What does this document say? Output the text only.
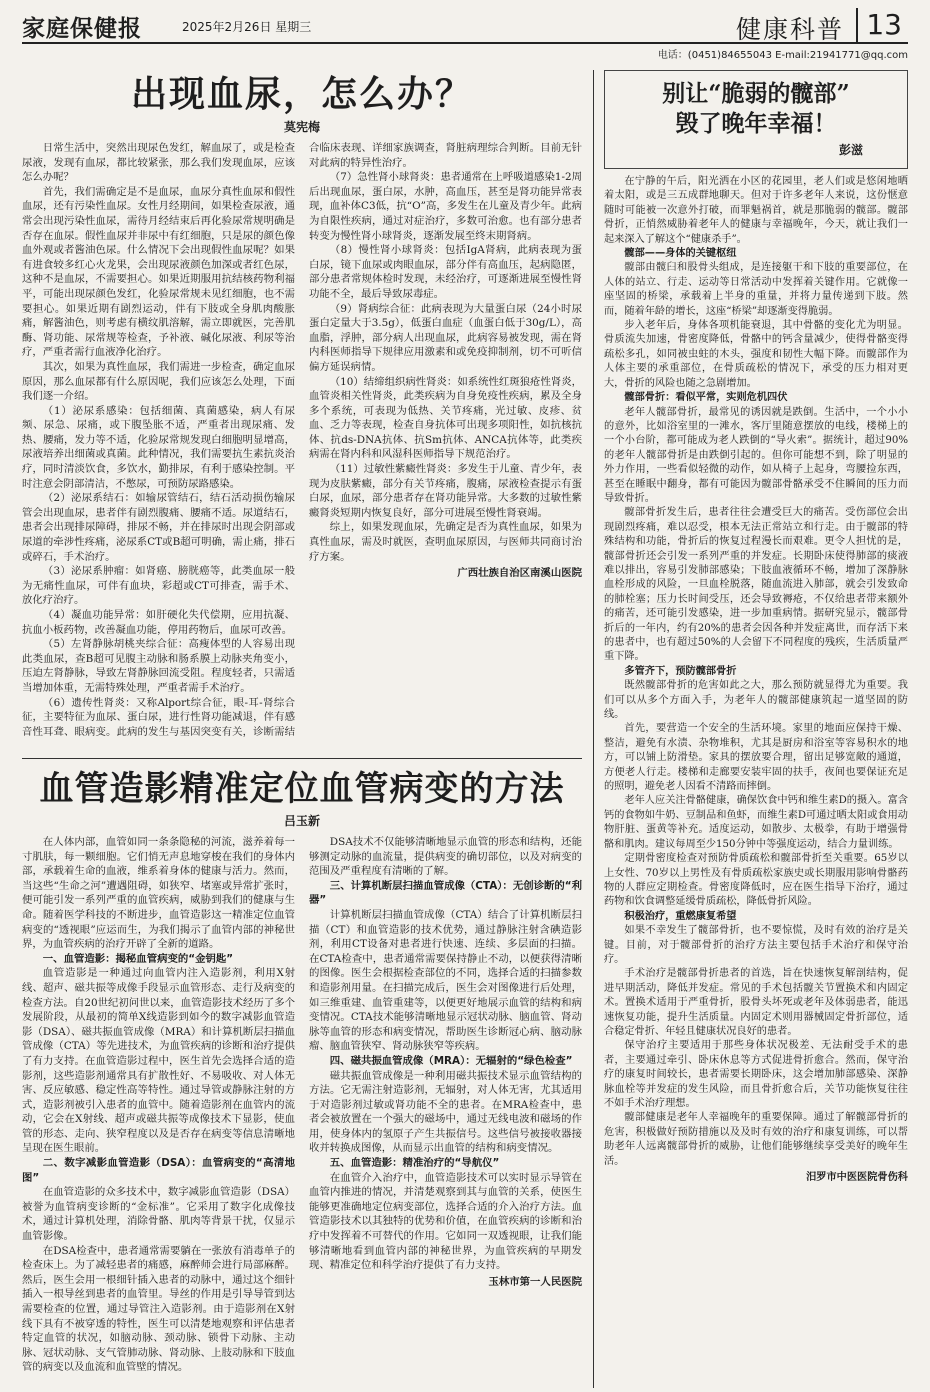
家庭保健报	2025年2月26日 星期三	健康科普 13
电话：(0451)84655043 E-mail:21941771@qq.com
出现血尿，怎么办？
莫宪梅

日常生活中，突然出现尿色发红，解血尿了，或是检查尿液，发现有血尿，都比较紧张，那么我们发现血尿，应该怎么办呢？

首先，我们需确定是不是血尿，血尿分真性血尿和假性血尿，还有污染性血尿。女性月经期间，如果检查尿液，通常会出现污染性血尿，需待月经结束后再化验尿常规明确是否存在血尿。假性血尿并非尿中有红细胞，只是尿的颜色像血外观或者酱油色尿。什么情况下会出现假性血尿呢？如果有进食较多红心火龙果，会出现尿液颜色加深或者红色尿，这种不是血尿，不需要担心。如果近期服用抗结核药物利福平，可能出现尿颜色发红，化验尿常规未见红细胞，也不需要担心。如果近期有剧烈运动，伴有下肢或全身肌肉酸胀痛，解酱油色，则考虑有横纹肌溶解，需立即就医，完善肌酶、肾功能、尿常规等检查，予补液、碱化尿液、利尿等治疗，严重者需行血液净化治疗。

其次，如果为真性血尿，我们需进一步检查，确定血尿原因，那么血尿都有什么原因呢，我们应该怎么处理，下面我们逐一介绍。

（1）泌尿系感染：包括细菌、真菌感染，病人有尿频、尿急、尿痛，或下腹坠胀不适，严重者出现尿痛、发热、腰痛，发力等不适，化验尿常规发现白细胞明显增高，尿液培养出细菌或真菌。此种情况，我们需要抗生素抗炎治疗，同时清淡饮食，多饮水，勤排尿，有利于感染控制。平时注意会阴部清洁，不憋尿，可预防尿路感染。

（2）泌尿系结石：如输尿管结石，结石活动损伤输尿管会出现血尿，患者伴有剧烈腹痛、腰痛不适。尿道结石，患者会出现排尿障碍，排尿不畅，并在排尿时出现会阴部或尿道的牵涉性疼痛，泌尿系CT或B超可明确，需止痛，排石或碎石，手术治疗。

（3）泌尿系肿瘤：如肾癌、膀胱癌等，此类血尿一般为无痛性血尿，可伴有血块，彩超或CT可排查，需手术、放化疗治疗。

（4）凝血功能异常：如肝硬化失代偿期，应用抗凝、抗血小板药物，改善凝血功能，停用药物后，血尿可改善。

（5）左肾静脉胡桃夹综合征：高瘦体型的人容易出现此类血尿，查B超可见腹主动脉和肠系膜上动脉夹角变小，压迫左肾静脉，导致左肾静脉回流受阻。程度轻者，只需适当增加体重，无需特殊处理，严重者需手术治疗。

（6）遗传性肾炎：又称Alport综合征，眼-耳-肾综合征，主要特征为血尿、蛋白尿，进行性肾功能减退，伴有感音性耳聋、眼病变。此病的发生与基因突变有关，诊断需结合临床表现、详细家族调查，肾脏病理综合判断。目前无针对此病的特异性治疗。

（7）急性肾小球肾炎：患者通常在上呼吸道感染1-2周后出现血尿，蛋白尿，水肿，高血压，甚至是肾功能异常表现，血补体C3低，抗“O”高，多发生在儿童及青少年。此病为自限性疾病，通过对症治疗，多数可治愈。也有部分患者转变为慢性肾小球肾炎，逐渐发展至终末期肾病。

（8）慢性肾小球肾炎：包括IgA肾病，此病表现为蛋白尿，镜下血尿或肉眼血尿，部分伴有高血压，起病隐匿，部分患者常规体检时发现，未经治疗，可逐渐进展至慢性肾功能不全，最后导致尿毒症。

（9）肾病综合征：此病表现为大量蛋白尿（24小时尿蛋白定量大于3.5g），低蛋白血症（血蛋白低于30g/L），高血脂，浮肿，部分病人出现血尿，此病容易被发现，需在肾内科医师指导下规律应用激素和或免疫抑制剂，切不可听信偏方延误病情。

（10）结缔组织病性肾炎：如系统性红斑狼疮性肾炎，血管炎相关性肾炎，此类疾病为自身免疫性疾病，累及全身多个系统，可表现为低热、关节疼痛，光过敏、皮疹、贫血、乏力等表现，检查自身抗体可出现多项阳性，如抗核抗体、抗ds-DNA抗体、抗Sm抗体、ANCA抗体等，此类疾病需在肾内科和风湿科医师指导下规范治疗。

（11）过敏性紫癜性肾炎：多发生于儿童、青少年，表现为皮肤紫癜，部分有关节疼痛，腹痛，尿液检查提示有蛋白尿，血尿，部分患者存在肾功能异常。大多数的过敏性紫癜肾炎短期内恢复良好，部分可进展至慢性肾衰竭。

综上，如果发现血尿，先确定是否为真性血尿，如果为真性血尿，需及时就医，查明血尿原因，与医师共同商讨治疗方案。

广西壮族自治区南溪山医院

血管造影精准定位血管病变的方法
吕玉新

在人体内部，血管如同一条条隐秘的河流，滋养着每一寸肌肤，每一颗细胞。它们悄无声息地穿梭在我们的身体内部，承载着生命的血液，维系着身体的健康与活力。然而，当这些“生命之河”遭遇阻碍，如狭窄、堵塞或异常扩张时，便可能引发一系列严重的血管疾病，威胁到我们的健康与生命。随着医学科技的不断进步，血管造影这一精准定位血管病变的“透视眼”应运而生，为我们揭示了血管内部的神秘世界，为血管疾病的治疗开辟了全新的道路。

一、血管造影：揭秘血管病变的“金钥匙”

血管造影是一种通过向血管内注入造影剂，利用X射线、超声、磁共振等成像手段显示血管形态、走行及病变的检查方法。自20世纪初问世以来，血管造影技术经历了多个发展阶段，从最初的简单X线造影到如今的数字减影血管造影（DSA）、磁共振血管成像（MRA）和计算机断层扫描血管成像（CTA）等先进技术，为血管疾病的诊断和治疗提供了有力支持。在血管造影过程中，医生首先会选择合适的造影剂，这些造影剂通常具有扩散性好、不易吸收、对人体无害、反应敏感、稳定性高等特性。通过导管或静脉注射的方式，造影剂被引入患者的血管中。随着造影剂在血管内的流动，它会在X射线、超声或磁共振等成像技术下显影，使血管的形态、走向、狭窄程度以及是否存在病变等信息清晰地呈现在医生眼前。

二、数字减影血管造影（DSA）：血管病变的“高清地图”

在血管造影的众多技术中，数字减影血管造影（DSA）被誉为血管病变诊断的“金标准”。它采用了数字化成像技术，通过计算机处理，消除骨骼、肌肉等背景干扰，仅显示血管影像。

在DSA检查中，患者通常需要躺在一张放有消毒单子的检查床上。为了减轻患者的痛感，麻醉师会进行局部麻醉。然后，医生会用一根细针插入患者的动脉中，通过这个细针插入一根导丝到患者的血管里。导丝的作用是引导导管到达需要检查的位置，通过导管注入造影剂。由于造影剂在X射线下具有不被穿透的特性，医生可以清楚地观察和评估患者特定血管的状况，如脑动脉、颈动脉、锁骨下动脉、主动脉、冠状动脉、支气管肺动脉、肾动脉、上肢动脉和下肢血管的病变以及血流和血管壁的情况。

DSA技术不仅能够清晰地显示血管的形态和结构，还能够测定动脉的血流量，提供病变的确切部位，以及对病变的范围及严重程度有清晰的了解。

三、计算机断层扫描血管成像（CTA）：无创诊断的“利器”

计算机断层扫描血管成像（CTA）结合了计算机断层扫描（CT）和血管造影的技术优势，通过静脉注射含碘造影剂，利用CT设备对患者进行快速、连续、多层面的扫描。在CTA检查中，患者通常需要保持静止不动，以便获得清晰的图像。医生会根据检查部位的不同，选择合适的扫描参数和造影剂用量。在扫描完成后，医生会对图像进行后处理，如三维重建、血管重建等，以便更好地展示血管的结构和病变情况。CTA技术能够清晰地显示冠状动脉、脑血管、肾动脉等血管的形态和病变情况，帮助医生诊断冠心病、脑动脉瘤、脑血管狭窄、肾动脉狭窄等疾病。

四、磁共振血管成像（MRA）：无辐射的“绿色检查”

磁共振血管成像是一种利用磁共振技术显示血管结构的方法。它无需注射造影剂，无辐射，对人体无害，尤其适用于对造影剂过敏或肾功能不全的患者。在MRA检查中，患者会被放置在一个强大的磁场中，通过无线电波和磁场的作用，使身体内的氢原子产生共振信号。这些信号被接收器接收并转换成图像，从而显示出血管的结构和病变情况。

五、血管造影：精准治疗的“导航仪”

在血管介入治疗中，血管造影技术可以实时显示导管在血管内推进的情况，并清楚观察到其与血管的关系，使医生能够更准确地定位病变部位，选择合适的介入治疗方法。血管造影技术以其独特的优势和价值，在血管疾病的诊断和治疗中发挥着不可替代的作用。它如同一双透视眼，让我们能够清晰地看到血管内部的神秘世界，为血管疾病的早期发现、精准定位和科学治疗提供了有力支持。

玉林市第一人民医院

别让“脆弱的髋部”
毁了晚年幸福！
彭滋

在宁静的午后，阳光洒在小区的花园里，老人们或是悠闲地晒着太阳，或是三五成群地聊天。但对于许多老年人来说，这份惬意随时可能被一次意外打破，而罪魁祸首，就是那脆弱的髋部。髋部骨折，正悄然威胁着老年人的健康与幸福晚年，今天，就让我们一起来深入了解这个“健康杀手”。

髋部——身体的关键枢纽

髋部由髋臼和股骨头组成，是连接躯干和下肢的重要部位，在人体的站立、行走、运动等日常活动中发挥着关键作用。它就像一座坚固的桥梁，承载着上半身的重量，并将力量传递到下肢。然而，随着年龄的增长，这座“桥梁”却逐渐变得脆弱。

步入老年后，身体各项机能衰退，其中骨骼的变化尤为明显。骨质流失加速，骨密度降低，骨骼中的钙含量减少，使得骨骼变得疏松多孔，如同被虫蛀的木头，强度和韧性大幅下降。而髋部作为人体主要的承重部位，在骨质疏松的情况下，承受的压力相对更大，骨折的风险也随之急剧增加。

髋部骨折：看似平常，实则危机四伏

老年人髋部骨折，最常见的诱因就是跌倒。生活中，一个小小的意外，比如浴室里的一滩水，客厅里随意摆放的电线，楼梯上的一个小台阶，都可能成为老人跌倒的“导火索”。据统计，超过90%的老年人髋部骨折是由跌倒引起的。但你可能想不到，除了明显的外力作用，一些看似轻微的动作，如从椅子上起身，弯腰捡东西，甚至在睡眠中翻身，都有可能因为髋部骨骼承受不住瞬间的压力而导致骨折。

髋部骨折发生后，患者往往会遭受巨大的痛苦。受伤部位会出现剧烈疼痛，难以忍受，根本无法正常站立和行走。由于髋部的特殊结构和功能，骨折后的恢复过程漫长而艰难。更令人担忧的是，髋部骨折还会引发一系列严重的并发症。长期卧床使得肺部的痰液难以排出，容易引发肺部感染；下肢血液循环不畅，增加了深静脉血栓形成的风险，一旦血栓脱落，随血流进入肺部，就会引发致命的肺栓塞；压力长时间受压，还会导致褥疮，不仅给患者带来额外的痛苦，还可能引发感染，进一步加重病情。据研究显示，髋部骨折后的一年内，约有20%的患者会因各种并发症离世，而存活下来的患者中，也有超过50%的人会留下不同程度的残疾，生活质量严重下降。

多管齐下，预防髋部骨折

既然髋部骨折的危害如此之大，那么预防就显得尤为重要。我们可以从多个方面入手，为老年人的髋部健康筑起一道坚固的防线。

首先，要营造一个安全的生活环境。家里的地面应保持干燥、整洁，避免有水渍、杂物堆积，尤其是厨房和浴室等容易积水的地方，可以铺上防滑垫。家具的摆放要合理，留出足够宽敞的通道，方便老人行走。楼梯和走廊要安装牢固的扶手，夜间也要保证充足的照明，避免老人因看不清路而摔倒。

老年人应关注骨骼健康，确保饮食中钙和维生素D的摄入。富含钙的食物如牛奶、豆制品和鱼虾，而维生素D可通过晒太阳或食用动物肝脏、蛋黄等补充。适度运动，如散步、太极拳，有助于增强骨骼和肌肉。建议每周至少150分钟中等强度运动，结合力量训练。

定期骨密度检查对预防骨质疏松和髋部骨折至关重要。65岁以上女性、70岁以上男性及有骨质疏松家族史或长期服用影响骨骼药物的人群应定期检查。骨密度降低时，应在医生指导下治疗，通过药物和饮食调整延缓骨质疏松，降低骨折风险。

积极治疗，重燃康复希望

如果不幸发生了髋部骨折，也不要惊慌，及时有效的治疗是关键。目前，对于髋部骨折的治疗方法主要包括手术治疗和保守治疗。

手术治疗是髋部骨折患者的首选，旨在快速恢复解剖结构，促进早期活动，降低并发症。常见的手术包括髋关节置换术和内固定术。置换术适用于严重骨折，股骨头坏死或老年及体弱患者，能迅速恢复功能，提升生活质量。内固定术则用器械固定骨折部位，适合稳定骨折、年轻且健康状况良好的患者。

保守治疗主要适用于那些身体状况极差、无法耐受手术的患者，主要通过牵引、卧床休息等方式促进骨折愈合。然而，保守治疗的康复时间较长，患者需要长期卧床，这会增加肺部感染、深静脉血栓等并发症的发生风险，而且骨折愈合后，关节功能恢复往往不如手术治疗理想。

髋部健康是老年人幸福晚年的重要保障。通过了解髋部骨折的危害，积极做好预防措施以及及时有效的治疗和康复训练，可以帮助老年人远离髋部骨折的威胁，让他们能够继续享受美好的晚年生活。

汨罗市中医医院骨伤科
